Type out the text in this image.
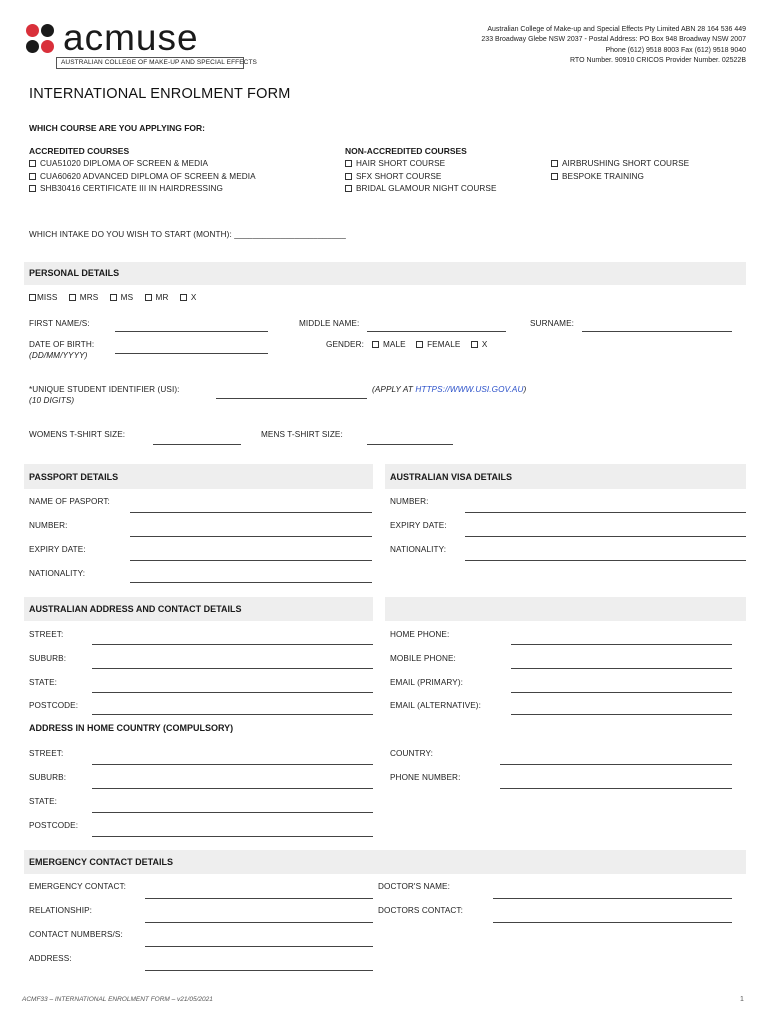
acmuse
AUSTRALIAN COLLEGE OF MAKE-UP AND SPECIAL EFFECTS
Australian College of Make-up and Special Effects Pty Limited ABN 28 164 536 449
233 Broadway Glebe NSW 2037 - Postal Address: PO Box 948 Broadway NSW 2007
Phone (612) 9518 8003 Fax (612) 9518 9040
RTO Number. 90910 CRICOS Provider Number. 02522B
INTERNATIONAL ENROLMENT FORM
WHICH COURSE ARE YOU APPLYING FOR:
ACCREDITED COURSES
CUA51020 DIPLOMA OF SCREEN & MEDIA
CUA60620 ADVANCED DIPLOMA OF SCREEN & MEDIA
SHB30416 CERTIFICATE III IN HAIRDRESSING
NON-ACCREDITED COURSES
HAIR SHORT COURSE
SFX SHORT COURSE
BRIDAL GLAMOUR NIGHT COURSE
AIRBRUSHING SHORT COURSE
BESPOKE TRAINING
WHICH INTAKE DO YOU WISH TO START (MONTH): ________________________
PERSONAL DETAILS
MISS	MRS	MS	MR	X
FIRST NAME/S:	MIDDLE NAME:	SURNAME:
DATE OF BIRTH:
(DD/MM/YYYY)
GENDER:	MALE	FEMALE	X
*UNIQUE STUDENT IDENTIFIER (USI):
(10 DIGITS)
(APPLY AT HTTPS://WWW.USI.GOV.AU)
WOMENS T-SHIRT SIZE:	MENS T-SHIRT SIZE:
PASSPORT DETAILS	AUSTRALIAN VISA DETAILS
NAME OF PASPORT:
NUMBER:
EXPIRY DATE:
NATIONALITY:
NUMBER:
EXPIRY DATE:
NATIONALITY:
AUSTRALIAN ADDRESS AND CONTACT DETAILS
STREET:
SUBURB:
STATE:
POSTCODE:
HOME PHONE:
MOBILE PHONE:
EMAIL (PRIMARY):
EMAIL (ALTERNATIVE):
ADDRESS IN HOME COUNTRY (COMPULSORY)
STREET:
SUBURB:
STATE:
POSTCODE:
COUNTRY:
PHONE NUMBER:
EMERGENCY CONTACT DETAILS
EMERGENCY CONTACT:
RELATIONSHIP:
CONTACT NUMBERS/S:
ADDRESS:
DOCTOR'S NAME:
DOCTORS CONTACT:
ACMF33 – INTERNATIONAL ENROLMENT FORM – v21/05/2021	1
